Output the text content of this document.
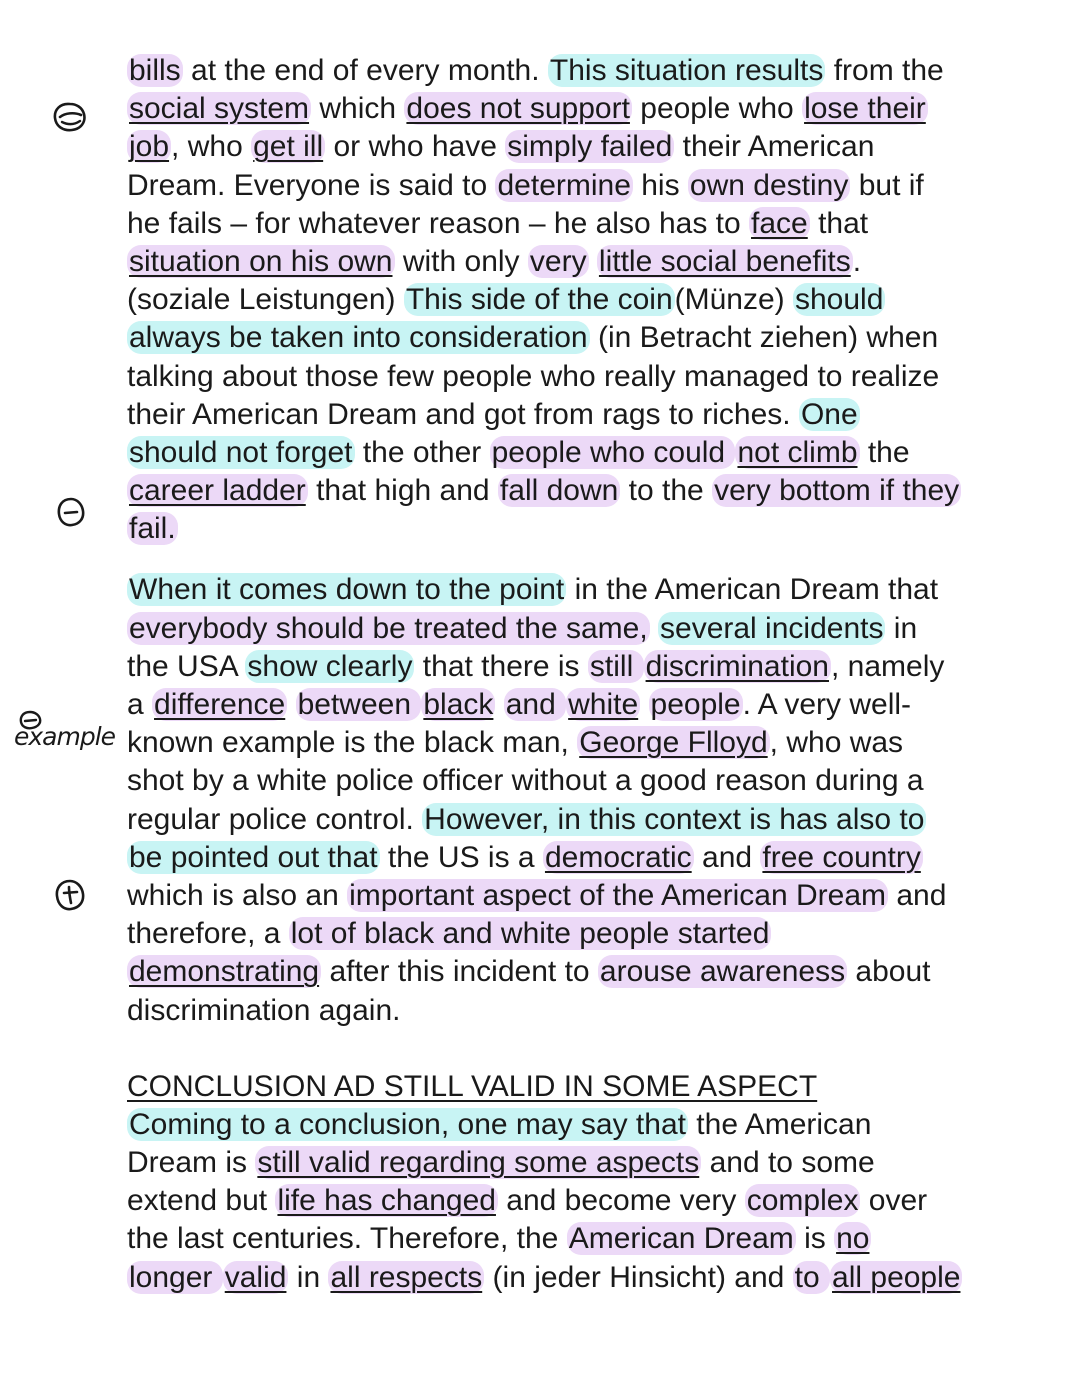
example
bills at the end of every month. This situation results from the
social system which does not support people who lose their
job, who get ill or who have simply failed their American
Dream. Everyone is said to determine his own destiny but if
he fails – for whatever reason – he also has to face that
situation on his own with only very little social benefits.
(soziale Leistungen) This side of the coin(Münze) should
always be taken into consideration (in Betracht ziehen) when
talking about those few people who really managed to realize
their American Dream and got from rags to riches. One
should not forget the other people who could not climb the
career ladder that high and fall down to the very bottom if they
fail.
When it comes down to the point in the American Dream that
everybody should be treated the same, several incidents in
the USA show clearly that there is still discrimination, namely
a difference between black and white people. A very well-
known example is the black man, George Flloyd, who was
shot by a white police officer without a good reason during a
regular police control. However, in this context is has also to
be pointed out that the US is a democratic and free country
which is also an important aspect of the American Dream and
therefore, a lot of black and white people started
demonstrating after this incident to arouse awareness about
discrimination again.
CONCLUSION AD STILL VALID IN SOME ASPECT
Coming to a conclusion, one may say that the American
Dream is still valid regarding some aspects and to some
extend but life has changed and become very complex over
the last centuries. Therefore, the American Dream is no
longer valid in all respects (in jeder Hinsicht) and to all people
